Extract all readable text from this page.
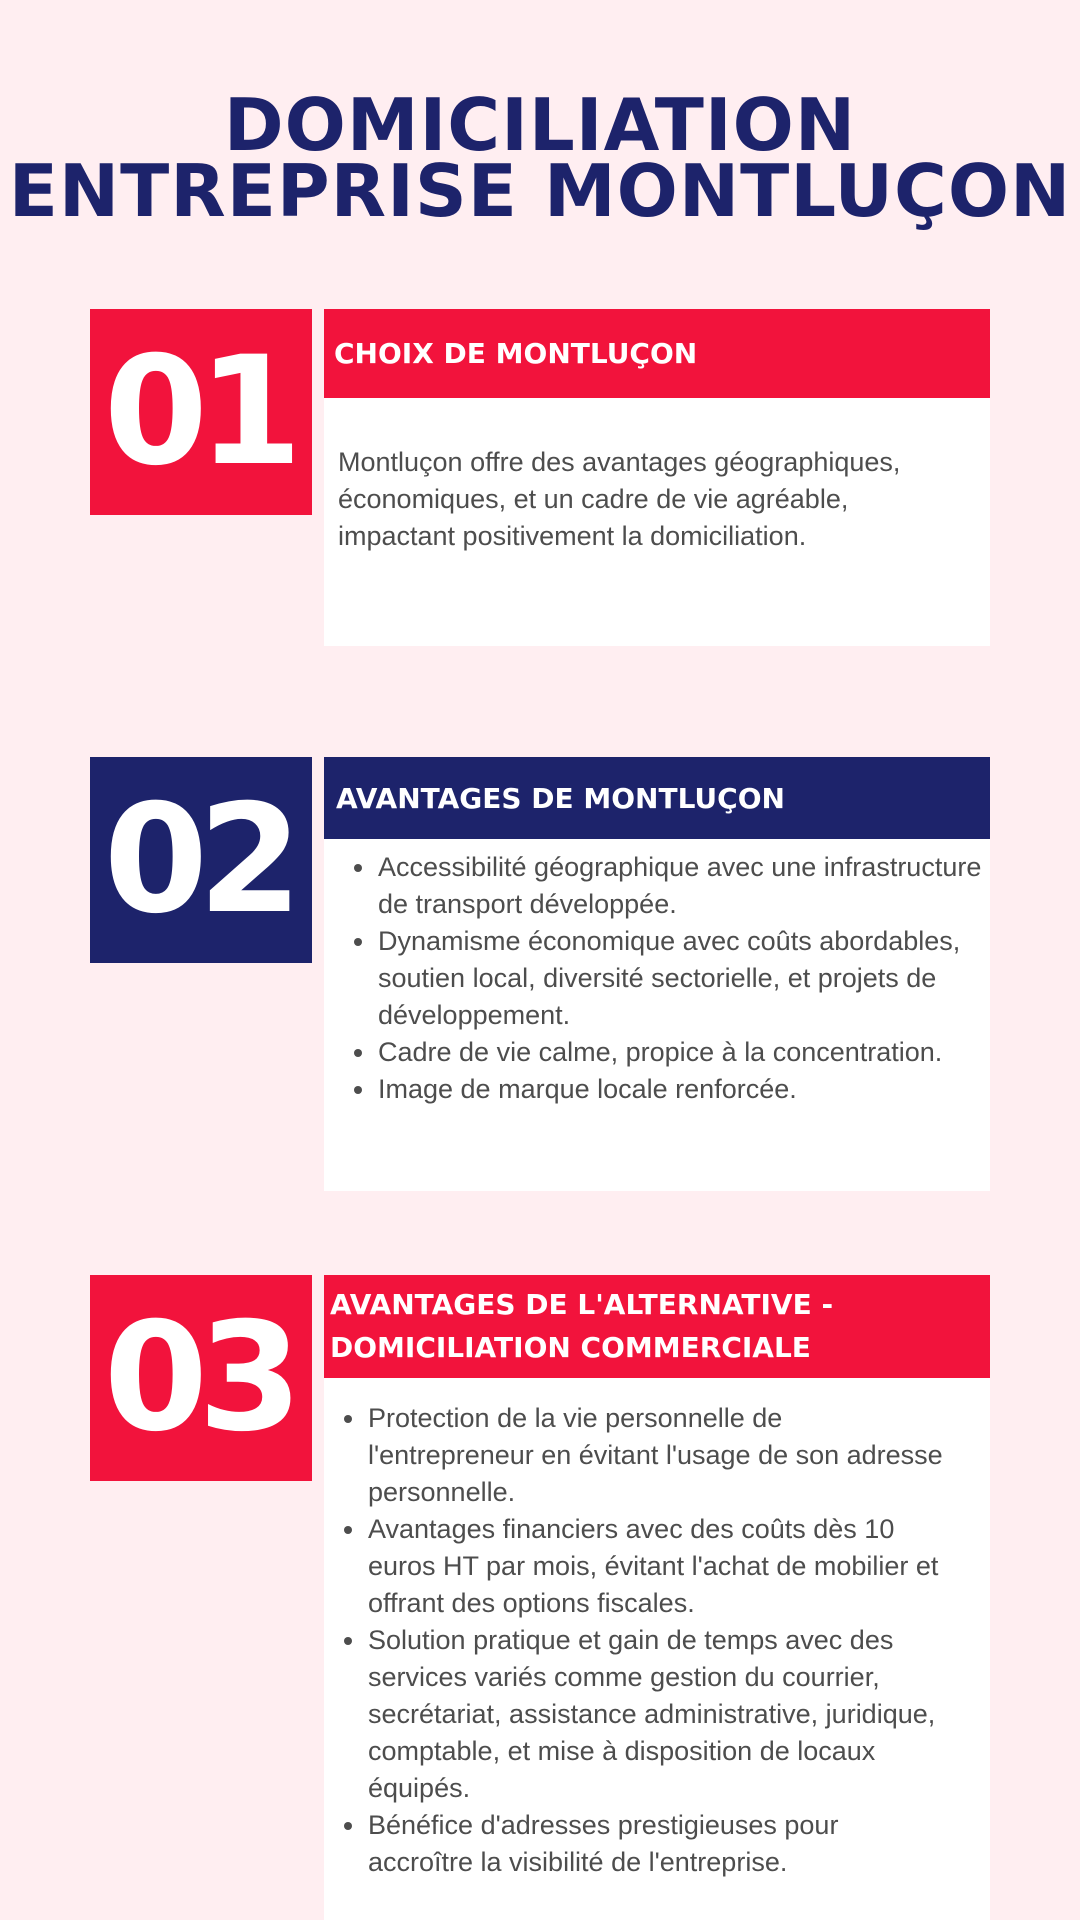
DOMICILIATION
ENTREPRISE MONTLUÇON
01	CHOIX DE MONTLUÇON

Montluçon offre des avantages géographiques, économiques, et un cadre de vie agréable, impactant positivement la domiciliation.

02	AVANTAGES DE MONTLUÇON
Accessibilité géographique avec une infrastructure de transport développée.
Dynamisme économique avec coûts abordables, soutien local, diversité sectorielle, et projets de développement.
Cadre de vie calme, propice à la concentration.
Image de marque locale renforcée.
03	AVANTAGES DE L'ALTERNATIVE -
DOMICILIATION COMMERCIALE
Protection de la vie personnelle de l'entrepreneur en évitant l'usage de son adresse personnelle.
Avantages financiers avec des coûts dès 10 euros HT par mois, évitant l'achat de mobilier et offrant des options fiscales.
Solution pratique et gain de temps avec des services variés comme gestion du courrier, secrétariat, assistance administrative, juridique, comptable, et mise à disposition de locaux équipés.
Bénéfice d'adresses prestigieuses pour accroître la visibilité de l'entreprise.
